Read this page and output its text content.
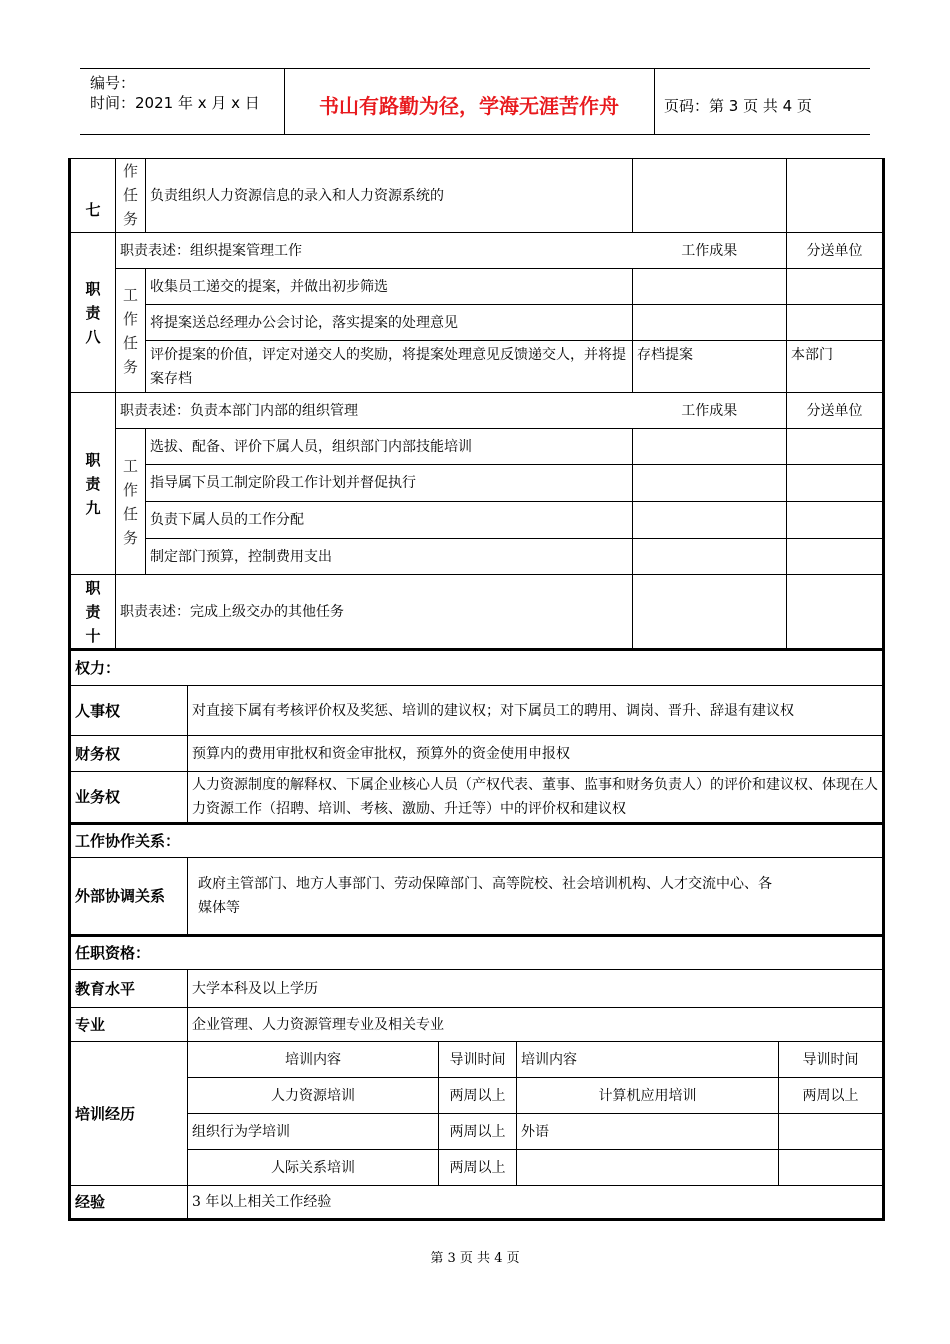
编号：
时间：2021 年 x 月 x 日	书山有路勤为径，学海无涯苦作舟	页码：第 3 页 共 4 页
七	作
任
务	负责组织人力资源信息的录入和人力资源系统的		
职
责
八	职责表述：组织提案管理工作		工作成果	分送单位
	工
作
任
务	收集员工递交的提案，并做出初步筛选		
		将提案送总经理办公会讨论，落实提案的处理意见		
		评价提案的价值，评定对递交人的奖励，将提案处理意见反馈递交人，并将提案存档	存档提案	本部门
职
责
九	职责表述：负责本部门内部的组织管理		工作成果	分送单位
	工
作
任
务	选拔、配备、评价下属人员，组织部门内部技能培训		
		指导属下员工制定阶段工作计划并督促执行		
		负责下属人员的工作分配		
		制定部门预算，控制费用支出		
职
责
十	职责表述：完成上级交办的其他任务			
权力：				
人事权	对直接下属有考核评价权及奖惩、培训的建议权；对下属员工的聘用、调岗、晋升、辞退有建议权			
财务权	预算内的费用审批权和资金审批权，预算外的资金使用申报权			
业务权	人力资源制度的解释权、下属企业核心人员（产权代表、董事、监事和财务负责人）的评价和建议权、体现在人力资源工作（招聘、培训、考核、激励、升迁等）中的评价权和建议权			
工作协作关系：				
外部协调关系	政府主管部门、地方人事部门、劳动保障部门、高等院校、社会培训机构、人才交流中心、各
媒体等			
任职资格：				
教育水平	大学本科及以上学历			
专业	企业管理、人力资源管理专业及相关专业			
培训经历	培训内容	导训时间	培训内容	导训时间
	人力资源培训	两周以上	计算机应用培训	两周以上
	组织行为学培训	两周以上	外语	
	人际关系培训	两周以上		
经验	3 年以上相关工作经验			
第 3 页 共 4 页
